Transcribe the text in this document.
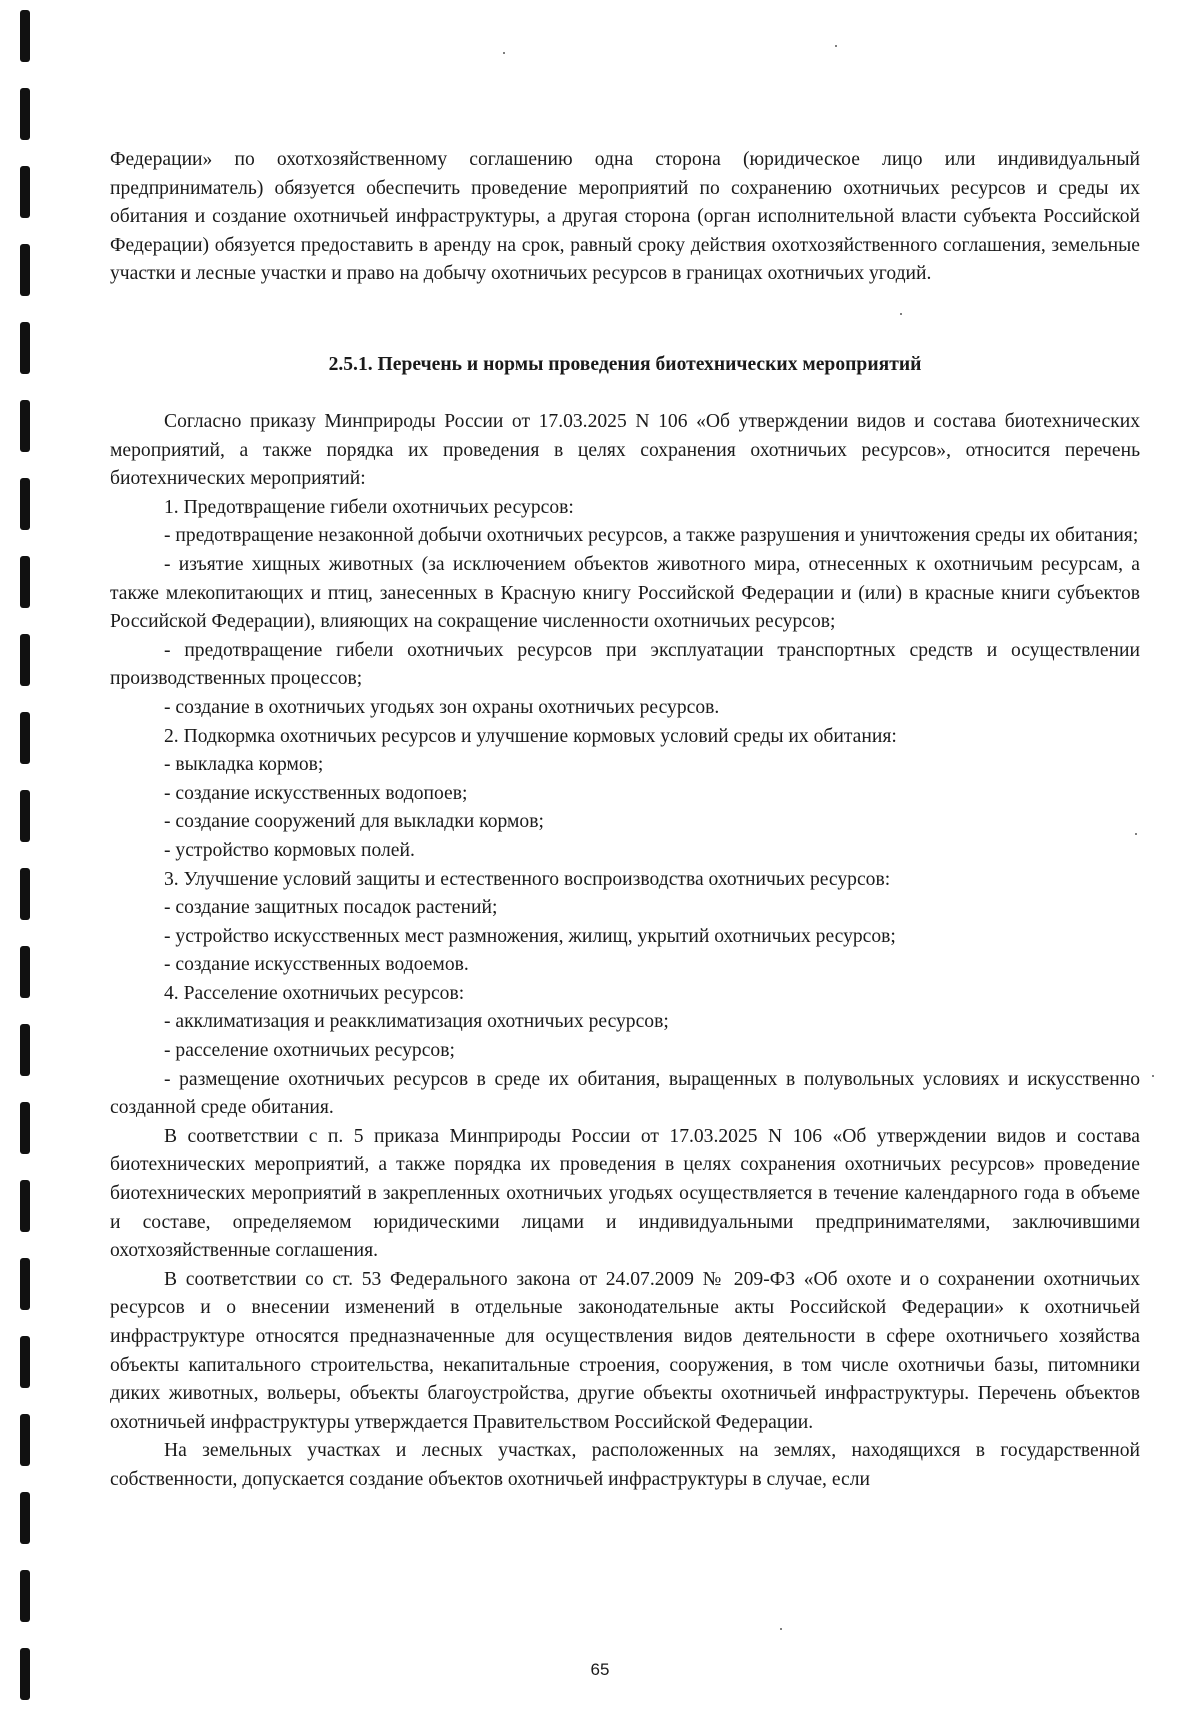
Федерации» по охотхозяйственному соглашению одна сторона (юридическое лицо или индивидуальный предприниматель) обязуется обеспечить проведение мероприятий по сохранению охотничьих ресурсов и среды их обитания и создание охотничьей инфраструктуры, а другая сторона (орган исполнительной власти субъекта Российской Федерации) обязуется предоставить в аренду на срок, равный сроку действия охотхозяйственного соглашения, земельные участки и лесные участки и право на добычу охотничьих ресурсов в границах охотничьих угодий.

2.5.1. Перечень и нормы проведения биотехнических мероприятий

Согласно приказу Минприроды России от 17.03.2025 N 106 «Об утверждении видов и состава биотехнических мероприятий, а также порядка их проведения в целях сохранения охотничьих ресурсов», относится перечень биотехнических мероприятий:

1. Предотвращение гибели охотничьих ресурсов:

- предотвращение незаконной добычи охотничьих ресурсов, а также разрушения и уничтожения среды их обитания;

- изъятие хищных животных (за исключением объектов животного мира, отнесенных к охотничьим ресурсам, а также млекопитающих и птиц, занесенных в Красную книгу Российской Федерации и (или) в красные книги субъектов Российской Федерации), влияющих на сокращение численности охотничьих ресурсов;

- предотвращение гибели охотничьих ресурсов при эксплуатации транспортных средств и осуществлении производственных процессов;

- создание в охотничьих угодьях зон охраны охотничьих ресурсов.

2. Подкормка охотничьих ресурсов и улучшение кормовых условий среды их обитания:

- выкладка кормов;

- создание искусственных водопоев;

- создание сооружений для выкладки кормов;

- устройство кормовых полей.

3. Улучшение условий защиты и естественного воспроизводства охотничьих ресурсов:

- создание защитных посадок растений;

- устройство искусственных мест размножения, жилищ, укрытий охотничьих ресурсов;

- создание искусственных водоемов.

4. Расселение охотничьих ресурсов:

- акклиматизация и реакклиматизация охотничьих ресурсов;

- расселение охотничьих ресурсов;

- размещение охотничьих ресурсов в среде их обитания, выращенных в полувольных условиях и искусственно созданной среде обитания.

В соответствии с п. 5 приказа Минприроды России от 17.03.2025 N 106 «Об утверждении видов и состава биотехнических мероприятий, а также порядка их проведения в целях сохранения охотничьих ресурсов» проведение биотехнических мероприятий в закрепленных охотничьих угодьях осуществляется в течение календарного года в объеме и составе, определяемом юридическими лицами и индивидуальными предпринимателями, заключившими охотхозяйственные соглашения.

В соответствии со ст. 53 Федерального закона от 24.07.2009 № 209-ФЗ «Об охоте и о сохранении охотничьих ресурсов и о внесении изменений в отдельные законодательные акты Российской Федерации» к охотничьей инфраструктуре относятся предназначенные для осуществления видов деятельности в сфере охотничьего хозяйства объекты капитального строительства, некапитальные строения, сооружения, в том числе охотничьи базы, питомники диких животных, вольеры, объекты благоустройства, другие объекты охотничьей инфраструктуры. Перечень объектов охотничьей инфраструктуры утверждается Правительством Российской Федерации.

На земельных участках и лесных участках, расположенных на землях, находящихся в государственной собственности, допускается создание объектов охотничьей инфраструктуры в случае, если

65
